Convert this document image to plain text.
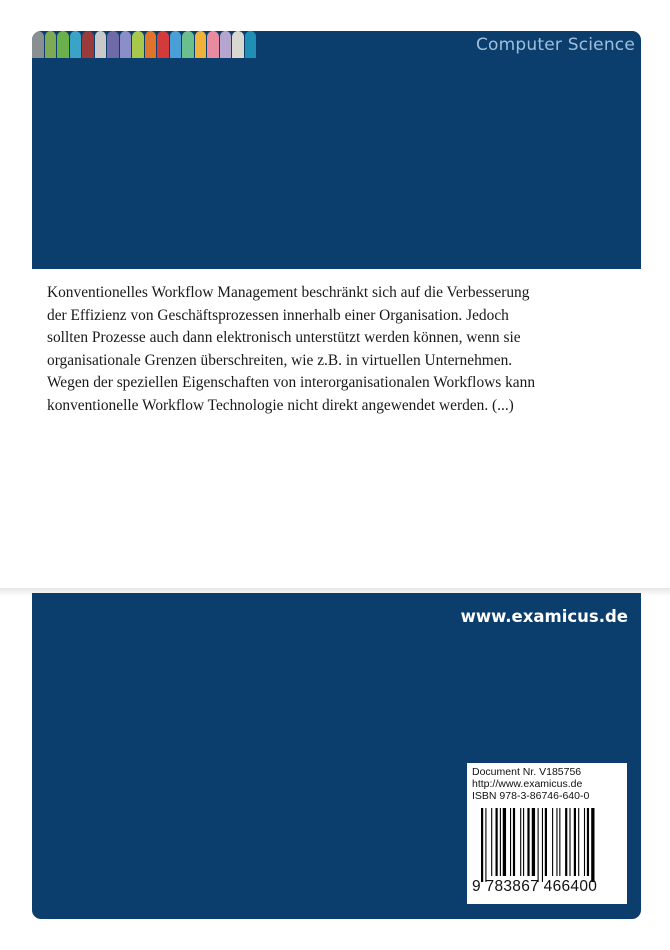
Computer Science
Konventionelles Workflow Management beschränkt sich auf die Verbesserung
der Effizienz von Geschäftsprozessen innerhalb einer Organisation. Jedoch
sollten Prozesse auch dann elektronisch unterstützt werden können, wenn sie
organisationale Grenzen überschreiten, wie z.B. in virtuellen Unternehmen.
Wegen der speziellen Eigenschaften von interorganisationalen Workflows kann
konventionelle Workflow Technologie nicht direkt angewendet werden. (...)
www.examicus.de
Document Nr. V185756
http://www.examicus.de
ISBN 978-3-86746-640-0
9 783867 466400
